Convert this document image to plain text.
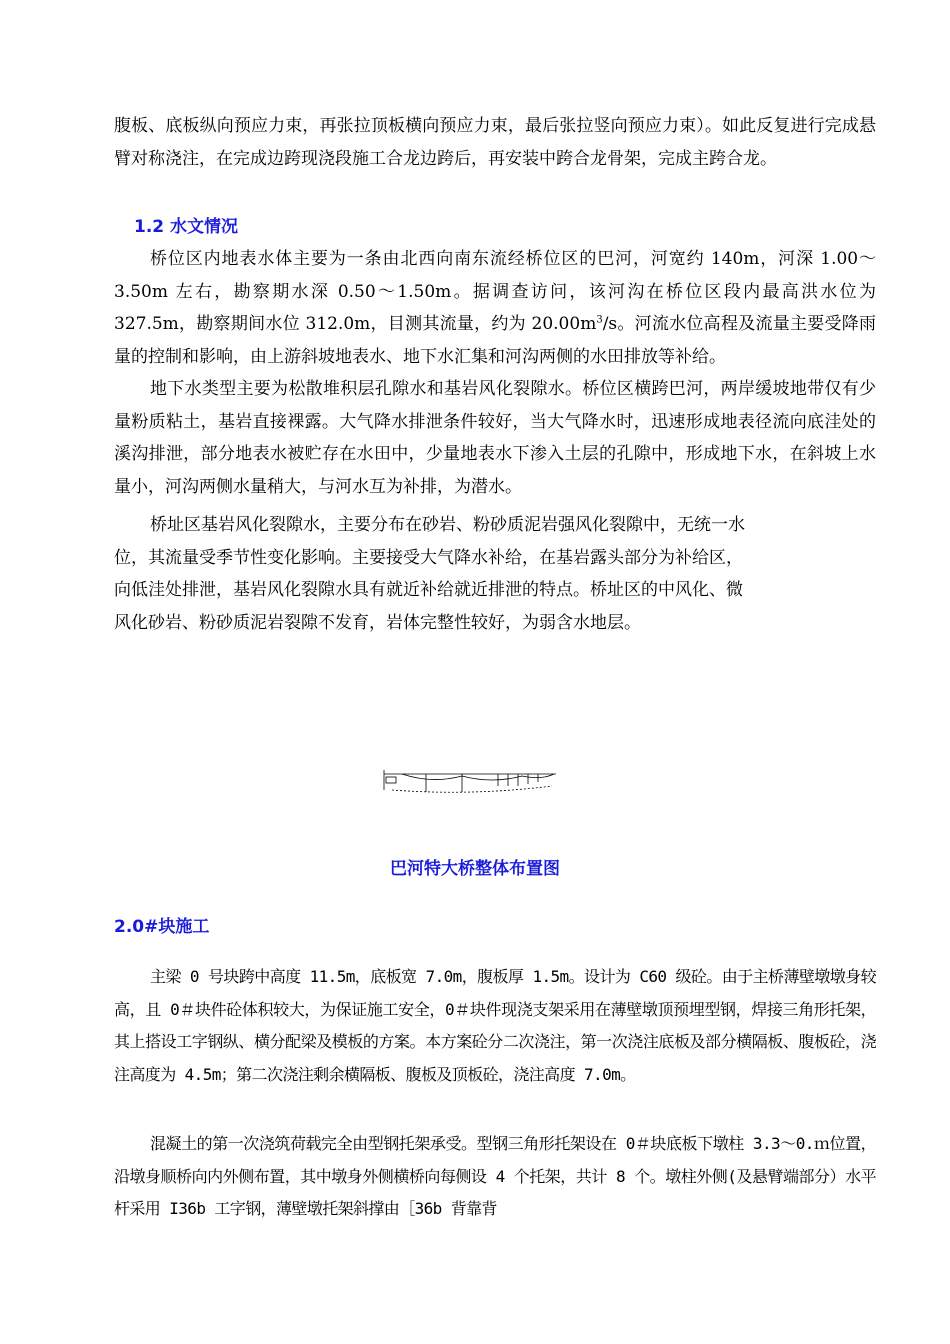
腹板、底板纵向预应力束，再张拉顶板横向预应力束，最后张拉竖向预应力束）。如此反复进行完成悬臂对称浇注，在完成边跨现浇段施工合龙边跨后，再安装中跨合龙骨架，完成主跨合龙。

1.2 水文情况

桥位区内地表水体主要为一条由北西向南东流经桥位区的巴河，河宽约 140m，河深 1.00～3.50m 左右，勘察期水深 0.50～1.50m。据调查访问，该河沟在桥位区段内最高洪水位为 327.5m，勘察期间水位 312.0m，目测其流量，约为 $20.00m^3/s$。河流水位高程及流量主要受降雨量的控制和影响，由上游斜坡地表水、地下水汇集和河沟两侧的水田排放等补给。

地下水类型主要为松散堆积层孔隙水和基岩风化裂隙水。桥位区横跨巴河，两岸缓坡地带仅有少量粉质粘土，基岩直接裸露。大气降水排泄条件较好，当大气降水时，迅速形成地表径流向底洼处的溪沟排泄，部分地表水被贮存在水田中，少量地表水下渗入土层的孔隙中，形成地下水，在斜坡上水量小，河沟两侧水量稍大，与河水互为补排，为潜水。

桥址区基岩风化裂隙水，主要分布在砂岩、粉砂质泥岩强风化裂隙中，无统一水
位，其流量受季节性变化影响。主要接受大气降水补给，在基岩露头部分为补给区，
向低洼处排泄，基岩风化裂隙水具有就近补给就近排泄的特点。桥址区的中风化、微
风化砂岩、粉砂质泥岩裂隙不发育，岩体完整性较好，为弱含水地层。

巴河特大桥整体布置图

2.0#块施工

主梁 0 号块跨中高度 11.5m，底板宽 7.0m，腹板厚 1.5m。设计为 C60 级砼。由于主桥薄壁墩墩身较高，且 0＃块件砼体积较大，为保证施工安全，0＃块件现浇支架采用在薄壁墩顶预埋型钢，焊接三角形托架，其上搭设工字钢纵、横分配梁及模板的方案。本方案砼分二次浇注，第一次浇注底板及部分横隔板、腹板砼，浇注高度为 4.5m；第二次浇注剩余横隔板、腹板及顶板砼，浇注高度 7.0m。

混凝土的第一次浇筑荷载完全由型钢托架承受。型钢三角形托架设在 0＃块底板下墩柱 3.3～0.ｍ位置，沿墩身顺桥向内外侧布置，其中墩身外侧横桥向每侧设 4 个托架，共计 8 个。墩柱外侧(及悬臂端部分）水平杆采用 I36b 工字钢，薄壁墩托架斜撑由［36b 背靠背
